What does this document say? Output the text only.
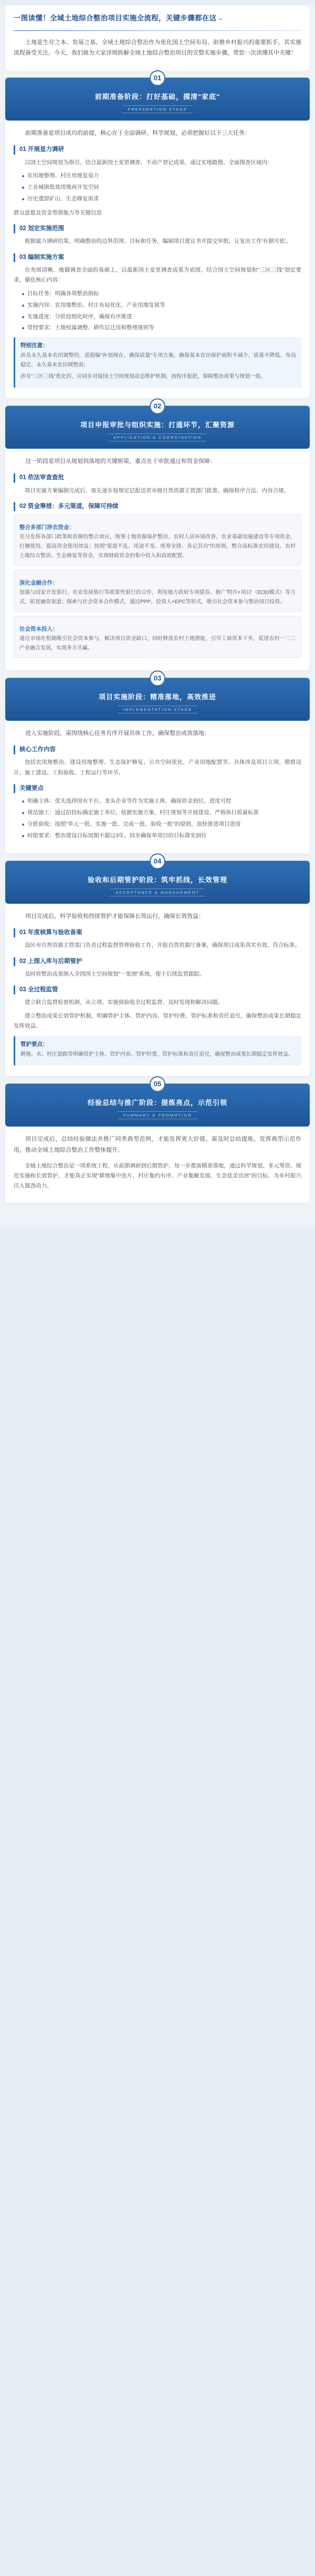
一图读懂！全域土地综合整治项目实施全流程，关键步骤都在这→

土地是生存之本、发展之基。全域土地综合整治作为优化国土空间布局、助推乡村振兴的重要抓手，其实施流程备受关注。今天，我们就为大家详细拆解全域土地综合整治项目的完整实施步骤，带您一次读懂其中关键！

01
前期准备阶段：打好基础，摸清"家底"
PREPARATION STAGE

前期准备是项目成功的前提，核心在于全面调研、科学规划，必须把握好以下三大任务：

01 开展显力调研

以国土空间规划为指引，结合最新国土变更调查、不动产登记成果，通过实地踏勘，全面摸查区域内：

农用地整理、村庄用地复垦力
工业城镇低效用地再开发空间
历史遗留矿山、生态修复需求

群众意愿及资金筹措能力等关键信息

02 划定实施范围

根据属力调研结果，明确整治的边界范围、目标和任务，编制项目建议书并提交审批，让复出工作'有据可依'。

03 编制实施方案

在充展清晰、地籍调查全面的基础上，以最新国土变更调查成果为底图，结合国土空间规划和"三区三线"划定要求，循化核心内容：

目标任务：明确各项整治指标
实施内容：农用地整治、村庄布局优化、产业用地发展等
实施进度：分阶段细化时序，确保有序推进
管控要求：土地权属调整、耕作层迁用和整理规则等
特别注意：

涉及永久基本农田调整的，需提编"补划现在、确保质量"专项方案，确保基本农田保护面积不减少、质量不降低、布局稳定、永久基本农田调整需；

涉及"三区三线"优化的，应同步对接国土空间规划动态维护机制，按程序报批，保障整治成果与规划一致。

02
项目申报审批与组织实施：打通环节，汇聚资源
APPLICATION & COORDINATION

这一阶段是项目从规划到落地的关键桥梁，重点在于审批通过和资金保障：

01 依法审查查批

项目实施方案编制完成后，需先逐步按规定层报送省市级自然资源主管部门批准。确保程序合法、内容合规。

02 资金筹措：多元渠道，保障可持续
整合多部门涉农资金：

充分发挥各部门政策和资源的整合效应，统筹土地资源保护整治、农村人居环境改善、农业基础设施建设等专项资金，打捆使用，提高资金使用效益；按照"渠道不乱、用途不变、统筹安排、各记其功"的原则，整合高标准农田建设、农村土地综合整治、生态修复等资金，实现财政资金的集中投入和高效配置。

深化金融合作：

加强与国家开发银行、农业发展银行等政策性银行的合作，利用地方政府专项债券、推广'特许+项目'（EOD模式）等方式，拓宽融资渠道；探索与社会资本合作模式，通过PPP、投资人+EPC等形式，吸引社会资本参与整治项目投资。

社会资本投入：

通过市场化机制吸引社会资本参与，解决项目资金缺口，同时释放农村土地潜能，引导工商资本下乡，促进农村一二三产业融合发展，实现多方共赢。

03
项目实施阶段：精准落地，高效推进
IMPLEMENTATION STAGE

进入实施阶段，需围绕核心任务有序开展具体工作，确保整治成效落地：

核心工作内容

包括农用地整治、建设用地整理、生态保护修复、公共空间优化、产业用地配置等。具体涉及项目立项、勘察设计、施工建设、工程验收、工程运行等环节。

关键要点
明确主体：优先选择国有平台、龙头企业等作为实施主体，确保资金到位、进度可控
规范施工：通过招投标确定施工单位，依据实施方案、村庄规划等开展建设，严格执行质量标准
分批验收：按照"单元一批、实施一批、完成一批、验收一批"的原则，加快推进项目进度
时限要求：整治建设目标周期不超过3年，同步确保单项目的目标落实到位
04
验收和后期管护阶段：筑牢抓线，长效管理
ACCEPTANCE & MANAGEMENT

项目完成后，科学验收和持续管护才能保障长效运行，确保长效效益：

01 年度核算与验收备案

设区市自然资源主管部门负责过程监督管理验收工作，并报自然资源厅备案，确保项目成果真实有效、符合标准。

02 上图入库与后期管护

及时将整治成果纳入全国国土空间规划"一张图"系统，便于后续监管跟踪。

03 全过程监管

建立联合监督检查机制，从立项、实施到验收全过程监督，及时发现和解决问题。

建立整治成果长效管护机制，明确管护主体、管护内容、管护经费、管护标准和责任追究，确保整治成果长期稳定发挥效益。

管护要点：

耕地、水、村庄道路等明确管护主体、管护内容、管护经费、管护标准和责任追究，确保整治成果长期稳定发挥效益。

05
经验总结与推广阶段：提炼亮点，示范引领
SUMMARY & PROMOTION

项目完成后，总结经验做法并推广同类典型范例，才能发挥更大价值，需及时总结提炼，发挥典型示范作用，推动全域土地综合整治工作整体提升。

全域土地综合整治是一项系统工程，从前期调研到后期管护，每一步都需精准落地，通过科学规划、多元筹资、规范实施和长效管护，才能真正实现"耕地集中连片、村庄集约有序、产业集聚发展、生态优美宜居"的目标，为乡村振兴注入强劲动力。
